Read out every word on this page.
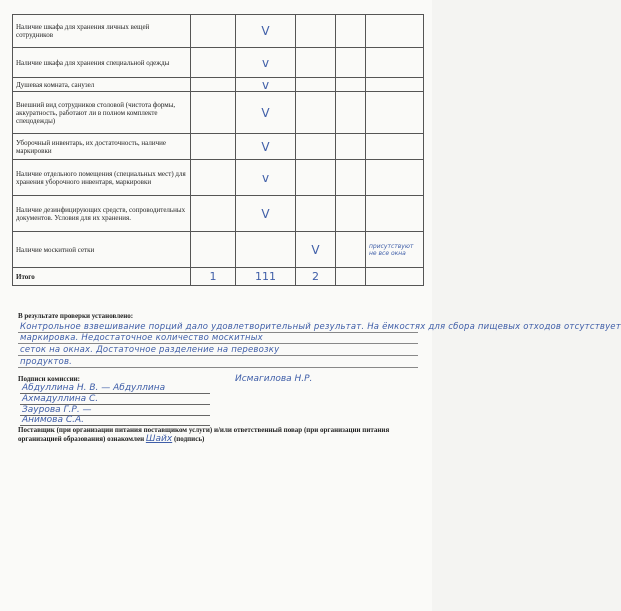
Наличие шкафа для хранения личных вещей сотрудников		V			
Наличие шкафа для хранения специальной одежды		v			
Душевая комната, санузел		v			
Внешний вид сотрудников столовой (чистота формы, аккуратность, работают ли в полном комплекте спецодежды)		V			
Уборочный инвентарь, их достаточность, наличие маркировки		V			
Наличие отдельного помещения (специальных мест) для хранения уборочного инвентаря, маркировки		v			
Наличие дезинфицирующих средств, сопроводительных документов. Условия для их хранения.		V			
Наличие москитной сетки			V		присутствуют не все окна
Итого	1	111	2		
В результате проверки установлено:
Контрольное взвешивание порций дало удовлетворительный результат. На ёмкостях для сбора пищевых отходов отсутствует
маркировка. Недостаточное количество москитных
сеток на окнах. Достаточное разделение на перевозку
продуктов.
Подписи комиссии:
Абдуллина Н. В. — Абдуллина
Ахмадуллина С.
Заурова Г.Р. —
Анимова С.А.
Исмагилова Н.Р.
Поставщик (при организации питания поставщиком услуги) и/или ответственный повар (при организации питания организацией образования) ознакомлен Шайх (подпись)
